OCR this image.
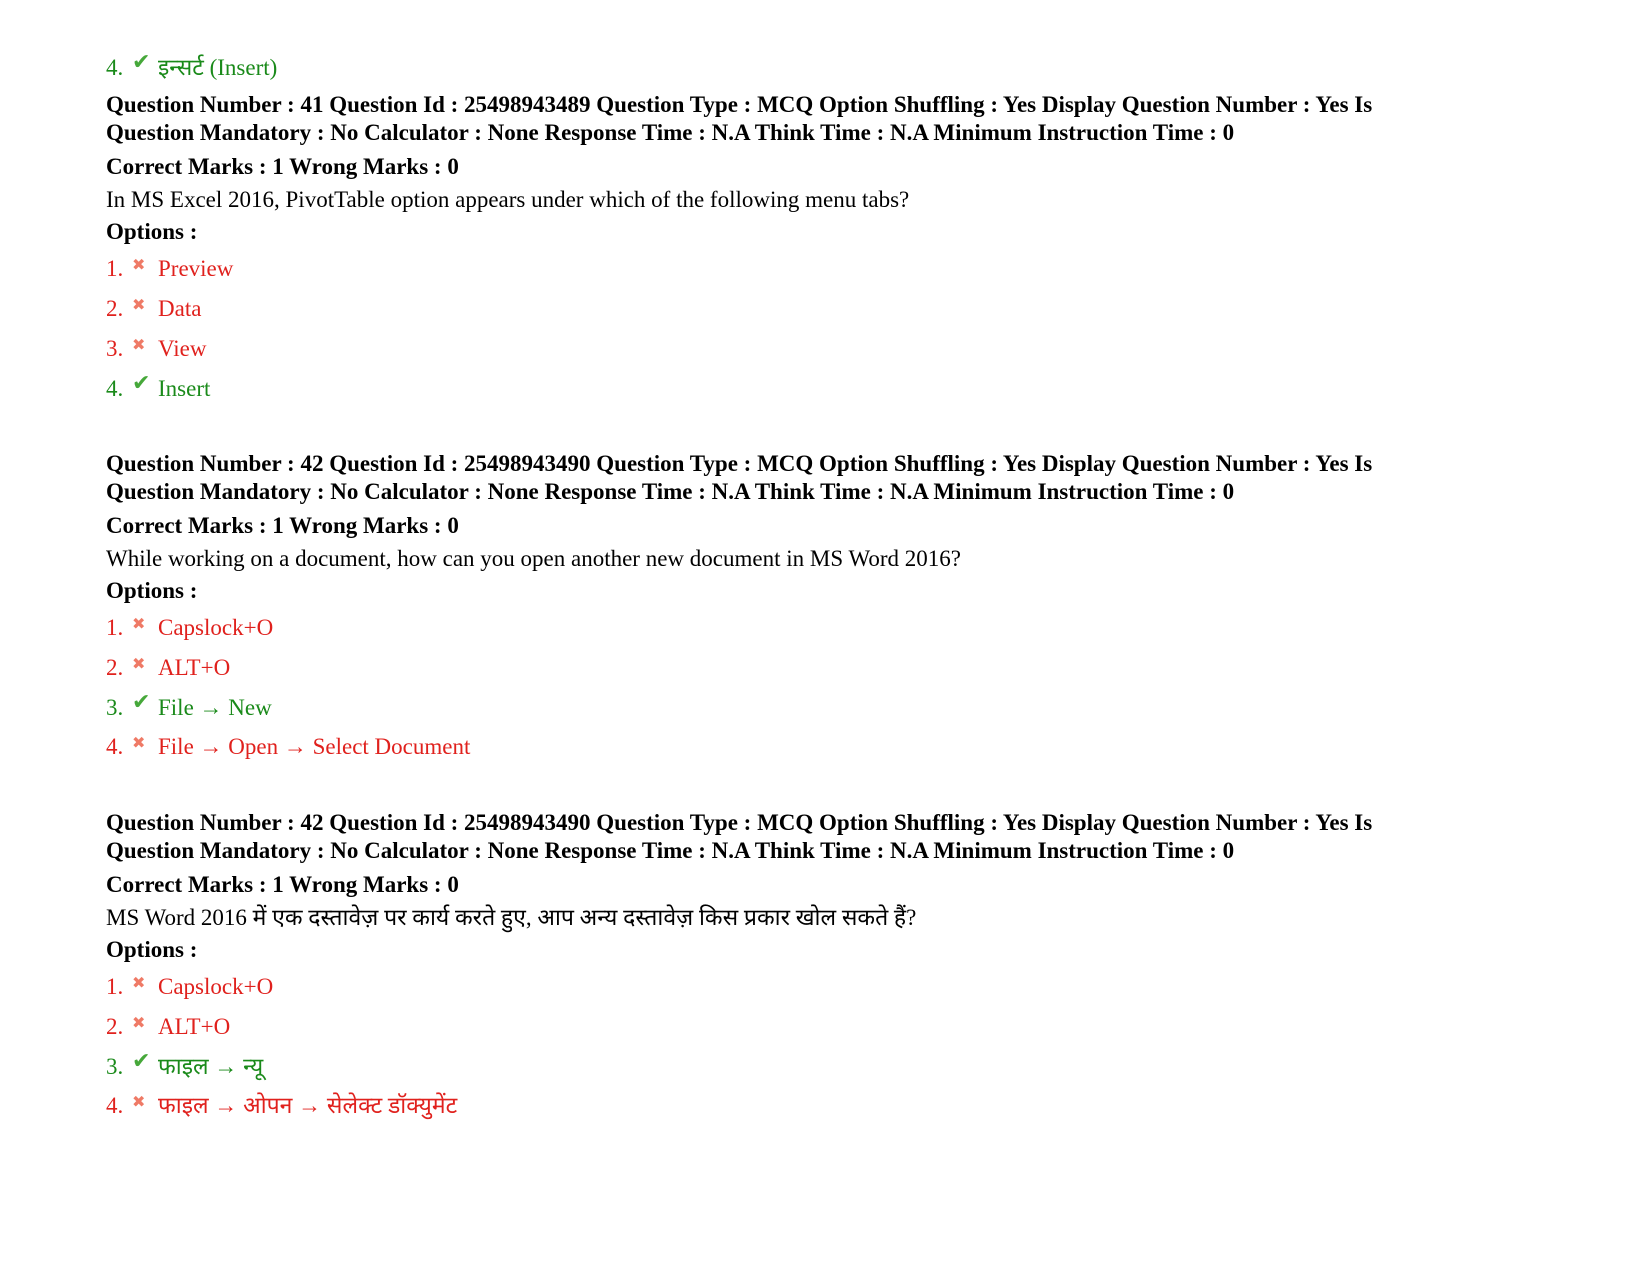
4. ✔ इन्सर्ट (Insert)

Question Number : 41 Question Id : 25498943489 Question Type : MCQ Option Shuffling : Yes Display Question Number : Yes Is

Question Mandatory : No Calculator : None Response Time : N.A Think Time : N.A Minimum Instruction Time : 0

Correct Marks : 1 Wrong Marks : 0

In MS Excel 2016, PivotTable option appears under which of the following menu tabs?

Options :

1. ✖ Preview
2. ✖ Data
3. ✖ View
4. ✔ Insert

Question Number : 42 Question Id : 25498943490 Question Type : MCQ Option Shuffling : Yes Display Question Number : Yes Is

Question Mandatory : No Calculator : None Response Time : N.A Think Time : N.A Minimum Instruction Time : 0

Correct Marks : 1 Wrong Marks : 0

While working on a document, how can you open another new document in MS Word 2016?

Options :

1. ✖ Capslock+O
2. ✖ ALT+O
3. ✔ File → New
4. ✖ File → Open → Select Document

Question Number : 42 Question Id : 25498943490 Question Type : MCQ Option Shuffling : Yes Display Question Number : Yes Is

Question Mandatory : No Calculator : None Response Time : N.A Think Time : N.A Minimum Instruction Time : 0

Correct Marks : 1 Wrong Marks : 0

MS Word 2016 में एक दस्तावेज़ पर कार्य करते हुए, आप अन्य दस्तावेज़ किस प्रकार खोल सकते हैं?

Options :

1. ✖ Capslock+O
2. ✖ ALT+O
3. ✔ फाइल → न्यू
4. ✖ फाइल → ओपन → सेलेक्ट डॉक्युमेंट
